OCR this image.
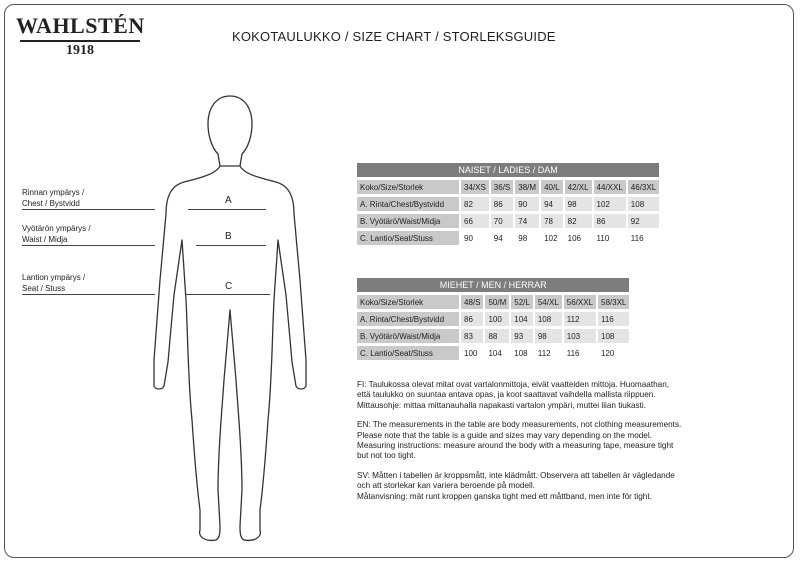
WAHLSTÉN
1918
KOKOTAULUKKO / SIZE CHART / STORLEKSGUIDE
Rinnan ympärys /
Chest / Bystvidd	A
Vyötärön ympärys /
Waist / Midja	B
Lantion ympärys /
Seat / Stuss	C
NAISET / LADIES / DAM							
Koko/Size/Storlek	34/XS	36/S	38/M	40/L	42/XL	44/XXL	46/3XL
A. Rinta/Chest/Bystvidd	82	86	90	94	98	102	108
B. Vyötärö/Waist/Midja	66	70	74	78	82	86	92
C. Lantio/Seat/Stuss	90	94	98	102	106	110	116
MIEHET / MEN / HERRAR						
Koko/Size/Storlek	48/S	50/M	52/L	54/XL	56/XXL	58/3XL
A. Rinta/Chest/Bystvidd	86	100	104	108	112	116
B. Vyötärö/Waist/Midja	83	88	93	98	103	108
C. Lantio/Seat/Stuss	100	104	108	112	116	120

FI: Taulukossa olevat mitat ovat vartalonmittoja, eivät vaatteiden mittoja. Huomaathan,
että taulukko on suuntaa antava opas, ja koot saattavat vaihdella mallista riippuen.
Mittausohje: mittaa mittanauhalla napakasti vartalon ympäri, muttei liian tiukasti.

EN: The measurements in the table are body measurements, not clothing measurements.
Please note that the table is a guide and sizes may vary depending on the model.
Measuring instructions: measure around the body with a measuring tape, measure tight
but not too tight.

SV: Måtten i tabellen är kroppsmått, inte klädmått. Observera att tabellen är vägledande
och att storlekar kan variera beroende på modell.
Måtanvisning: mät runt kroppen ganska tight med ett måttband, men inte för tight.
